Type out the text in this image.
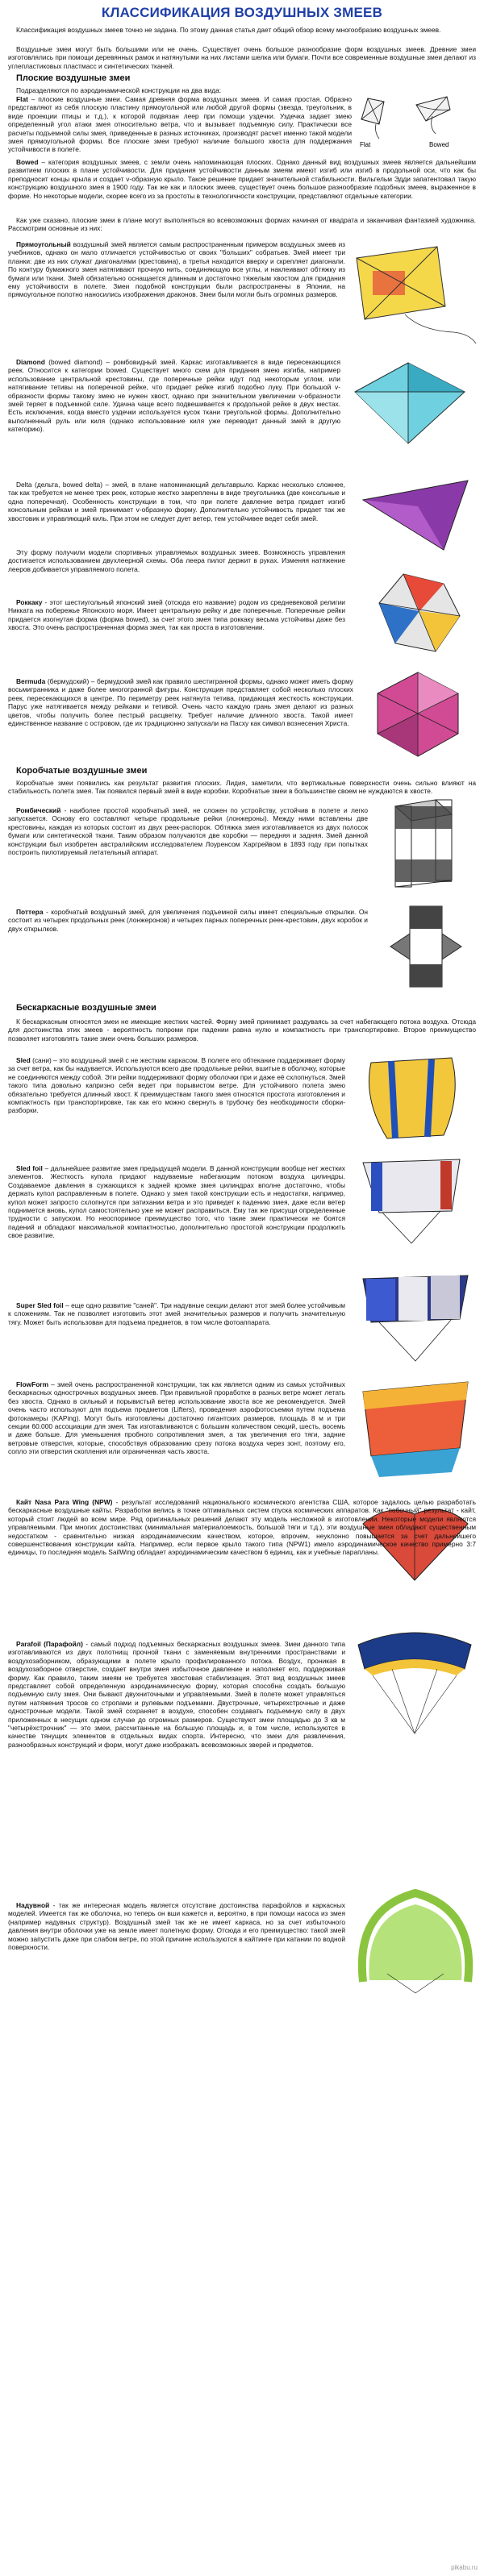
КЛАССИФИКАЦИЯ ВОЗДУШНЫХ ЗМЕЕВ

Классификация воздушных змеев точно не задана. По этому данная статья дает общий обзор всему многообразию воздушных змеев.

Воздушные змеи могут быть большими или не очень. Существует очень большое разнообразие форм воздушных змеев. Древние змеи изготовлялись при помощи деревянных рамок и натянутыми на них листами шелка или бумаги. Почти все современные воздушные змеи делают из углепластиковых пластмасс и синтетических тканей.

Плоские воздушные змеи

Подразделяются по аэродинамической конструкции на два вида:

Flat	Bowed

Flat – плоские воздушные змеи. Самая древняя форма воздушных змеев. И самая простая. Образно представляют из себя плоскую пластину прямоугольной или любой другой формы (звезда, треугольник, в виде проекции птицы и т.д.), к которой подвязан леер при помощи уздечки. Уздечка задает змею определенный угол атаки змея относительно ветра, что и вызывает подъемную силу. Практически все расчеты подъемной силы змея, приведенные в разных источниках, производят расчет именно такой модели змея прямоугольной формы. Все плоские змеи требуют наличие большого хвоста для поддержания устойчивости в полете.

Bowed – категория воздушных змеев, с земли очень напоминающая плоских. Однако данный вид воздушных змеев является дальнейшим развитием плоских в плане устойчивости. Для придания устойчивости данным змеям имеют изгиб или изгиб в продольной оси, что как бы преподносит концы крыла и создает v-образную крыло. Такое решение придает значительной стабильности. Вильгельм Эдди запатентовал такую конструкцию воздушного змея в 1900 году. Так же как и плоских змеев, существует очень большое разнообразие подобных змеев, выраженное в форме. Но некоторые модели, скорее всего из за простоты в технологичности конструкции, представляют отдельные категории.

Как уже сказано, плоские змеи в плане могут выполняться во всевозможных формах начиная от квадрата и заканчивая фантазией художника. Рассмотрим основные из них:

Прямоугольный воздушный змей является самым распространенным примером воздушных змеев из учебников, однако он мало отличается устойчивостью от своих "больших" собратьев. Змей имеет три планки: две из них служат диагоналями (крестовина), а третья находится вверху и скрепляет диагонали. По контуру бумажного змея натягивают прочную нить, соединяющую все углы, и наклеивают обтяжку из бумаги или ткани. Змей обязательно оснащается длинным и достаточно тяжелым хвостом для придания ему устойчивости в полете. Змеи подобной конструкции были распространены в Японии, на прямоугольное полотно наносились изображения драконов. Змеи были могли быть огромных размеров.

Diamond (bowed diamond) – ромбовидный змей. Каркас изготавливается в виде пересекающихся реек. Относится к категории bowed. Существует много схем для придания змею изгиба, например использование центральной крестовины, где поперечные рейки идут под некоторым углом, или натягивание тетивы на поперечной рейке, что придает рейке изгиб подобно луку. При большой v-образности формы такому змею не нужен хвост, однако при значительном увеличении v-образности змей теряет в подъемной силе. Удачна чаще всего подвешивается к продольной рейке в двух местах. Есть исключения, когда вместо уздечки используется кусок ткани треугольной формы. Дополнительно выполненный руль или киля (однако использование киля уже переводит данный змей в другую категорию).

Delta (дельта, bowed delta) – змей, в плане напоминающий дельтаврыло. Каркас несколько сложнее, так как требуется не менее трех реек, которые жестко закреплены в виде треугольника (две консольные и одна поперечная). Особенность конструкции в том, что при полете давление ветра придает изгиб консольным рейкам и змей принимает v-образную форму. Дополнительно устойчивость придает так же хвостовик и управляющий киль. При этом не следует дует ветер, тем устойчивее ведет себя змей.

Эту форму получили модели спортивных управляемых воздушных змеев. Возможность управления достигается использованием двухлеерной схемы. Оба леера пилот держит в руках. Изменяя натяжение лееров добивается управляемого полета.

Роккаку - этот шестиугольный японский змей (отсюда его название) родом из средневековой религии Никката на побережье Японского моря. Имеет центральную рейку и две поперечные. Поперечные рейки придается изогнутая форма (форма bowed), за счет этого змея типа роккаку весьма устойчивы даже без хвоста. Это очень распространенная форма змея, так как проста в изготовлении.

Bermuda (бермудский) – бермудский змей как правило шестигранной формы, однако может иметь форму восьмигранника и даже более многогранной фигуры. Конструкция представляет собой несколько плоских реек, пересекающихся в центре. По периметру реек натянута тетива, придающая жесткость конструкции. Парус уже натягивается между рейками и тетивой. Очень часто каждую грань змея делают из разных цветов, чтобы получить более пестрый расцветку. Требует наличие длинного хвоста. Такой имеет единственное название с островом, где их традиционно запускали на Пасху как символ вознесения Христа.

Коробчатые воздушные змеи

Коробчатые змеи появились как результат развития плоских. Лидия, заметили, что вертикальные поверхности очень сильно влияют на стабильность полета змея. Так появился первый змей в виде коробки. Коробчатые змеи в большинстве своем не нуждаются в хвосте.

Ромбический - наиболее простой коробчатый змей, не сложен по устройству, устойчив в полете и легко запускается. Основу его составляют четыре продольные рейки (лонжероны). Между ними вставлены две крестовины, каждая из которых состоит из двух реек-распорок. Обтяжка змея изготавливается из двух полосок бумаги или синтетической ткани. Таким образом получаются две коробки — передняя и задняя. Змей данной конструкции был изобретен австралийским исследователем Лоуренсом Харгрейвом в 1893 году при попытках построить пилотируемый летательный аппарат.

Поттера - коробчатый воздушный змей, для увеличения подъемной силы имеет специальные открылки. Он состоит из четырех продольных реек (лонжеронов) и четырех парных поперечных реек-крестовин, двух коробок и двух открылков.

Бескаркасные воздушные змеи

К бескаркасным относятся змеи не имеющие жестких частей. Форму змей принимает раздуваясь за счет набегающего потока воздуха. Отсюда для достоинства этих змеев - вероятность попроми при падении равна нулю и компактность при транспортировке. Второе преимущество позволяет изготовлять такие змеи очень больших размеров.

Sled (сани) – это воздушный змей с не жестким каркасом. В полете его обтекание поддерживает форму за счет ветра, как бы надувается. Используются всего две продольные рейки, вшитые в оболочку, которые не соединяются между собой. Эти рейки поддерживают форму оболочки при и даже её схлопнуться. Змей такого типа довольно капризно себя ведет при порывистом ветре. Для устойчивого полета змею обязательно требуется длинный хвост. К преимуществам такого змея относятся простота изготовления и компактность при транспортировке, так как его можно свернуть в трубочку без необходимости сборки-разборки.

Sled foil – дальнейшее развитие змея предыдущей модели. В данной конструкции вообще нет жестких элементов. Жесткость купола придают надуваемые набегающим потоком воздуха цилиндры. Создаваемое давления в сужающихся к задней кромке змея цилиндрах вполне достаточно, чтобы держать купол расправленным в полете. Однако у змея такой конструкции есть и недостатки, например, купол может запросто схлопнутся при затихании ветра и это приведет к падению змея, даже если ветер поднимется вновь, купол самостоятельно уже не может расправиться. Ему так же присущи определенные трудности с запуском. Но неоспоримое преимущество того, что такие змеи практически не боятся падений и обладают максимальной компактностью, дополнительно простотой конструкции продолжить свое развитие.

Super Sled foil – еще одно развитие "саней". Три надувные секции делают этот змей более устойчивым к сложениям. Так не позволяет изготовить этот змей значительных размеров и получить значительную тягу. Может быть использован для подъема предметов, в том числе фотоаппарата.

FlowForm – змей очень распространенной конструкции, так как является одним из самых устойчивых бескаркасных однострочных воздушных змеев. При правильной проработке в разных ветре может летать без хвоста. Однако в сильный и порывистый ветер использование хвоста все же рекомендуется. Змей очень часто используют для подъема предметов (Lifters), проведения аэрофотосъемки путем подъема фотокамеры (KAPing). Могут быть изготовлены достаточно гигантских размеров, площадь 8 м и три секции 60.000 ассоциации для змея. Так изготавливаются с большим количеством секций, шесть, восемь и даже больше. Для уменьшения пробного сопротивления змея, а так увеличения его тяги, задние ветровые отверстия, которые, способствуя образованию срезу потока воздуха через зонт, поэтому его, сопло эти отверстия скопления или ограниченная часть хвоста.

Кайт Nasa Para Wing (NPW) - результат исследований национального космического агентства США, которое задалось целью разработать бескаркасные воздушные кайты. Разработки велись в точке оптимальных систем спуска космических аппаратов. Как "побочный" результат - кайт, который стоит людей во всем мире. Ряд оригинальных решений делают эту модель несложной в изготовлении. Некоторые модели являются управляемыми. При многих достоинствах (минимальная материалоемкость, большой тяги и т.д.), эти воздушные змеи обладают существенным недостатком - сравнительно низкая аэродинамическим качеством, которое, впрочем, неуклонно повышается за счет дальнейшего совершенствования конструкции кайта. Например, если первое крыло такого типа (NPW1) имело аэродинамическое качество примерно 3:7 единицы, то последняя модель SailWing обладает аэродинамическим качеством 6 единиц, как и учебные парапланы.

Parafoil (Парафойл) - самый подход подъемных бескаркасных воздушных змеев. Змеи данного типа изготавливаются из двух полотнищ прочной ткани с заменяемым внутренними пространствами и воздухозаборником, образующими в полете крыло профилированного потока. Воздух, проникая в воздухозаборное отверстие, создает внутри змея избыточное давление и наполняет его, поддерживая форму. Как правило, таким змеям не требуется хвостовая стабилизация. Этот вид воздушных змеев представляет собой определенную аэродинамическую форму, которая способна создать большую подъемную силу змея. Они бывают двухниточными и управляемыми. Змей в полете может управляться путем натяжения тросов со стропами и рулевыми подъемами. Двустрочные, четырехстрочные и даже однострочные модели. Такой змей сохраняет в воздухе, способен создавать подъемную силу в двух приложенных в несущих одном случае до огромных размеров. Существуют змеи площадью до 3 кв м "четырёхстрочник" — это змеи, рассчитанные на большую площадь и, в том числе, используются в качестве тянущих элементов в отдельных видах спорта. Интересно, что змеи для развлечения, разнообразных конструкций и форм, могут даже изображать всевозможных зверей и предметов.

Надувной - так же интересная модель является отсутствие достоинства парафойлов и каркасных моделей. Имеется так же оболочка, но теперь он вши кажется и, вероятно, в при помощи насоса из змея (например надувных структур). Воздушный змей так же не имеет каркаса, но за счет избыточного давления внутри оболочки уже на земле имеет полетную форму. Отсюда и его преимущество: такой змей можно запустить даже при слабом ветре, по этой причине используются в кайтинге при катании по водной поверхности.

pikabu.ru
